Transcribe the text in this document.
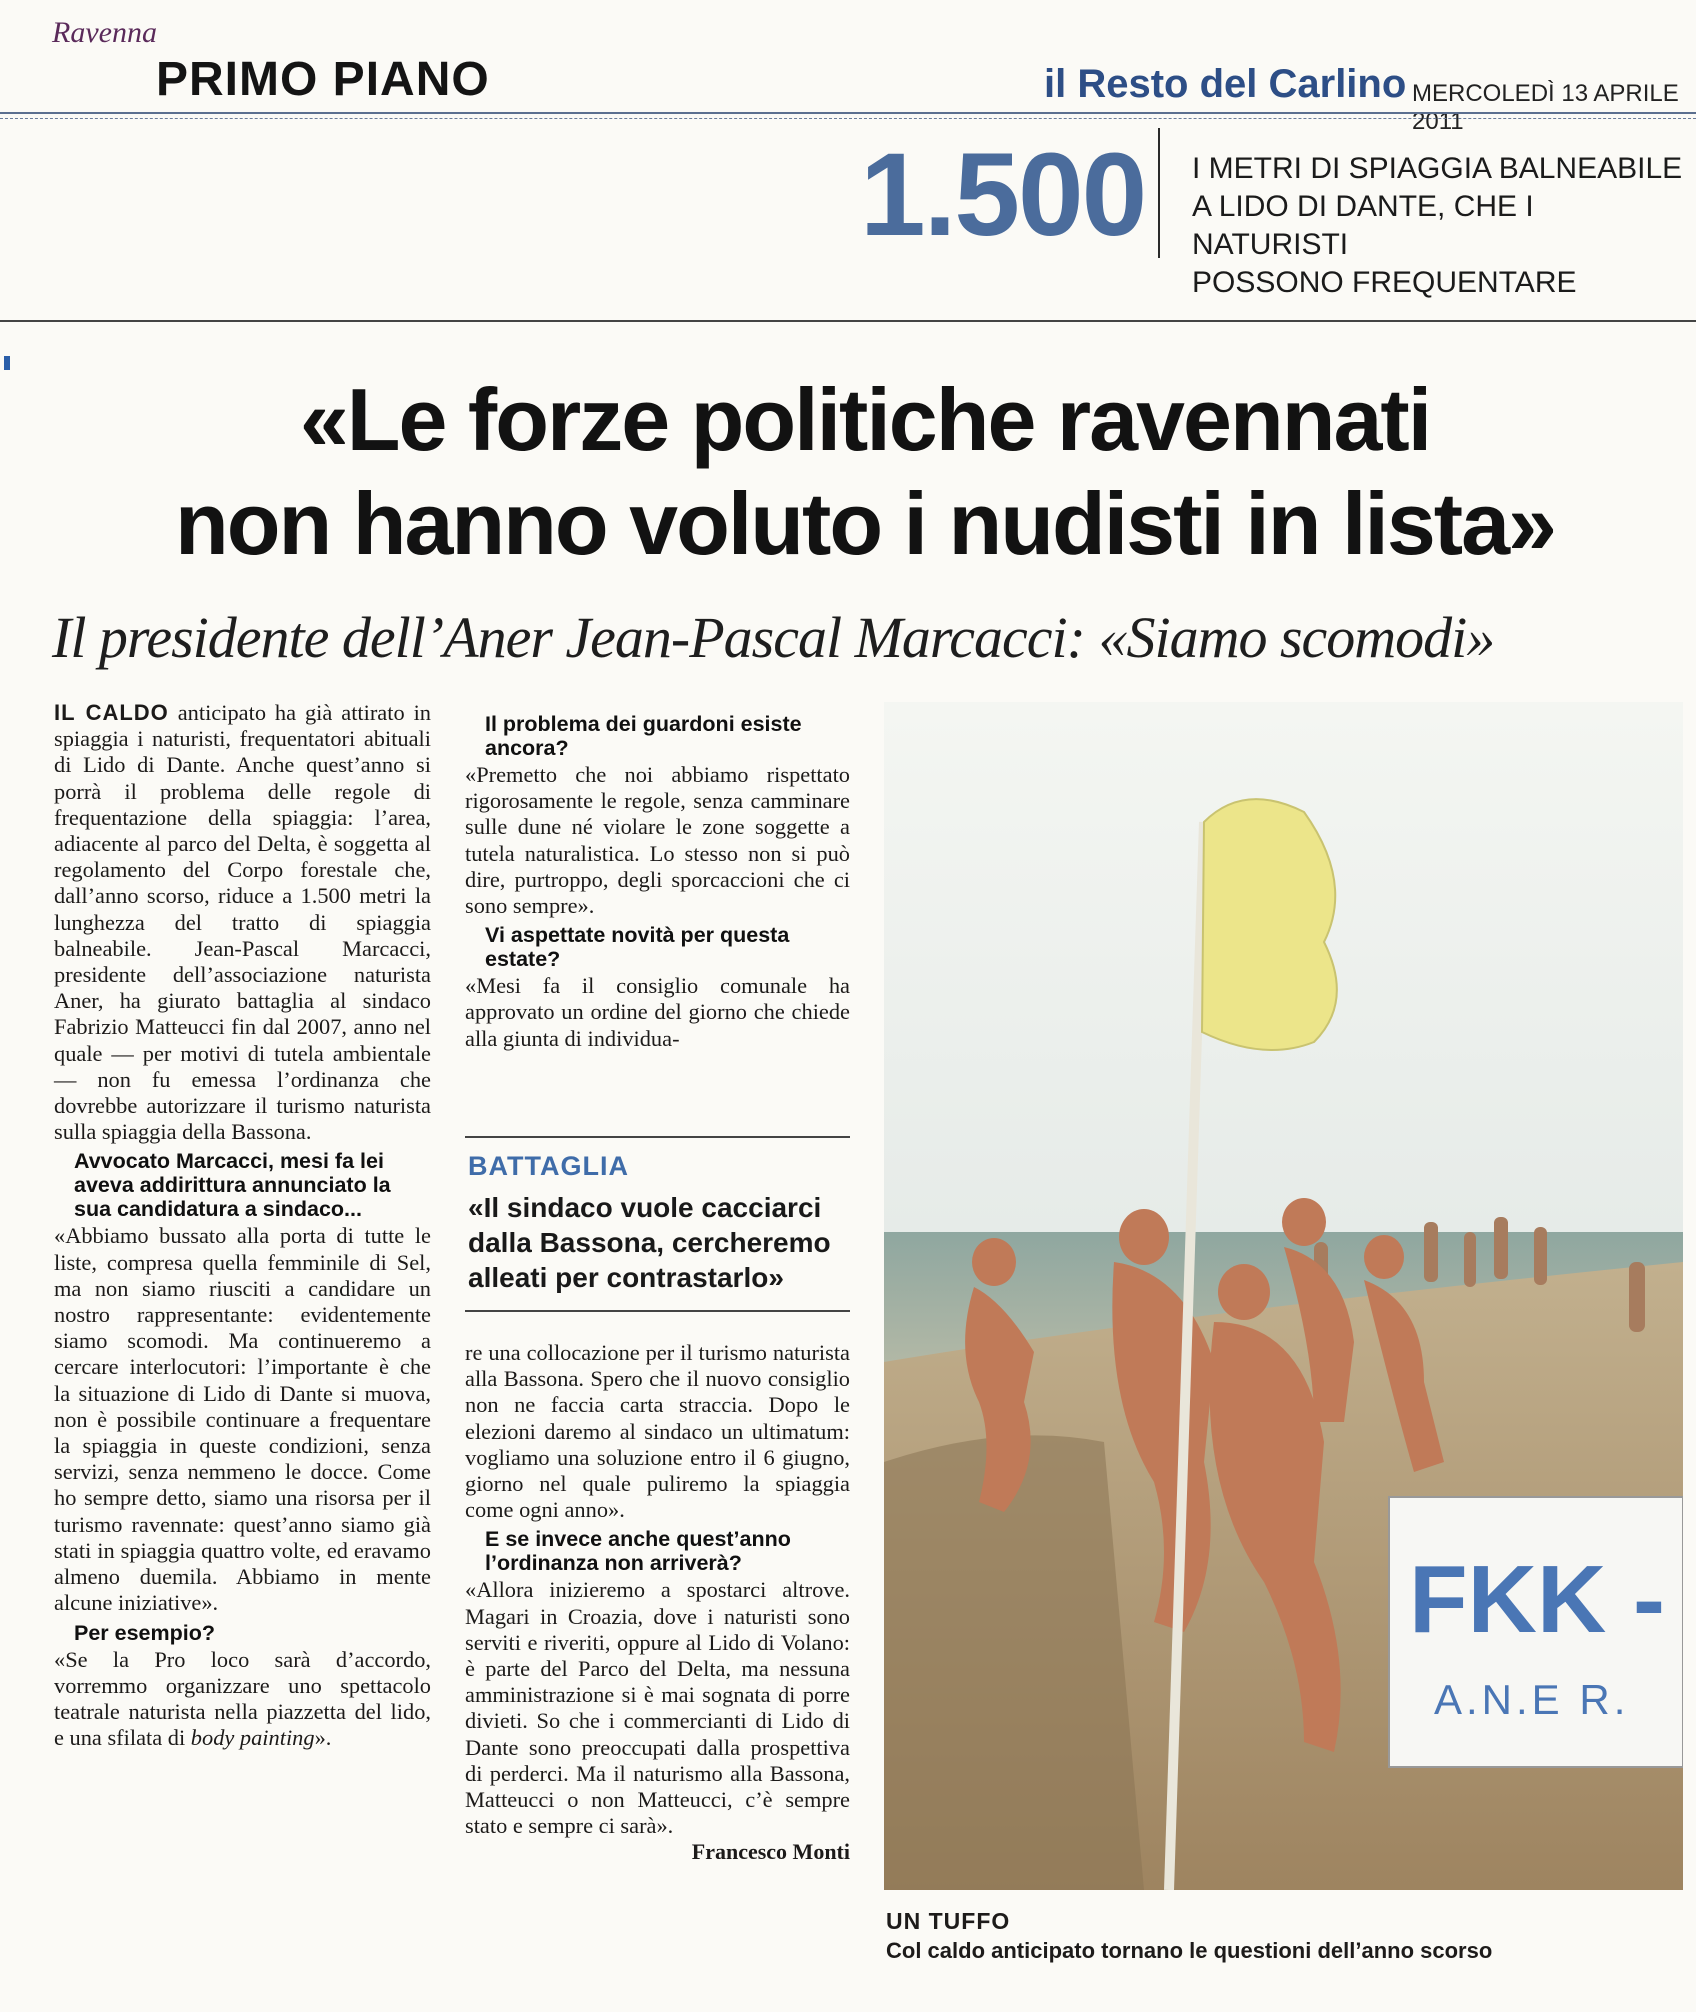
Ravenna
PRIMO PIANO	il Resto del Carlino MERCOLEDÌ 13 APRILE 2011
1.500 I METRI DI SPIAGGIA BALNEABILE
A LIDO DI DANTE, CHE I NATURISTI
POSSONO FREQUENTARE
«Le forze politiche ravennati
non hanno voluto i nudisti in lista»
Il presidente dell’Aner Jean-Pascal Marcacci: «Siamo scomodi»

IL CALDO anticipato ha già attirato in spiaggia i naturisti, frequentatori abituali di Lido di Dante. Anche quest’anno si porrà il problema delle regole di frequentazione della spiaggia: l’area, adiacente al parco del Delta, è soggetta al regolamento del Corpo forestale che, dall’anno scorso, riduce a 1.500 metri la lunghezza del tratto di spiaggia balneabile. Jean-Pascal Marcacci, presidente dell’associazione naturista Aner, ha giurato battaglia al sindaco Fabrizio Matteucci fin dal 2007, anno nel quale — per motivi di tutela ambientale — non fu emessa l’ordinanza che dovrebbe autorizzare il turismo naturista sulla spiaggia della Bassona.

Avvocato Marcacci, mesi fa lei aveva addirittura annunciato la sua candidatura a sindaco...

«Abbiamo bussato alla porta di tutte le liste, compresa quella femminile di Sel, ma non siamo riusciti a candidare un nostro rappresentante: evidentemente siamo scomodi. Ma continueremo a cercare interlocutori: l’importante è che la situazione di Lido di Dante si muova, non è possibile continuare a frequentare la spiaggia in queste condizioni, senza servizi, senza nemmeno le docce. Come ho sempre detto, siamo una risorsa per il turismo ravennate: quest’anno siamo già stati in spiaggia quattro volte, ed eravamo almeno duemila. Abbiamo in mente alcune iniziative».

Per esempio?

«Se la Pro loco sarà d’accordo, vorremmo organizzare uno spettacolo teatrale naturista nella piazzetta del lido, e una sfilata di body painting».

Il problema dei guardoni esiste ancora?

«Premetto che noi abbiamo rispettato rigorosamente le regole, senza camminare sulle dune né violare le zone soggette a tutela naturalistica. Lo stesso non si può dire, purtroppo, degli sporcaccioni che ci sono sempre».

Vi aspettate novità per questa estate?

«Mesi fa il consiglio comunale ha approvato un ordine del giorno che chiede alla giunta di individua-

BATTAGLIA
«Il sindaco vuole cacciarci dalla Bassona, cercheremo alleati per contrastarlo»

re una collocazione per il turismo naturista alla Bassona. Spero che il nuovo consiglio non ne faccia carta straccia. Dopo le elezioni daremo al sindaco un ultimatum: vogliamo una soluzione entro il 6 giugno, giorno nel quale puliremo la spiaggia come ogni anno».

E se invece anche quest’anno l’ordinanza non arriverà?

«Allora inizieremo a spostarci altrove. Magari in Croazia, dove i naturisti sono serviti e riveriti, oppure al Lido di Volano: è parte del Parco del Delta, ma nessuna amministrazione si è mai sognata di porre divieti. So che i commercianti di Lido di Dante sono preoccupati dalla prospettiva di perderci. Ma il naturismo alla Bassona, Matteucci o non Matteucci, c’è sempre stato e sempre ci sarà».

Francesco Monti

FKK -
A.N.E R.
UN TUFFO
Col caldo anticipato tornano le questioni dell’anno scorso
